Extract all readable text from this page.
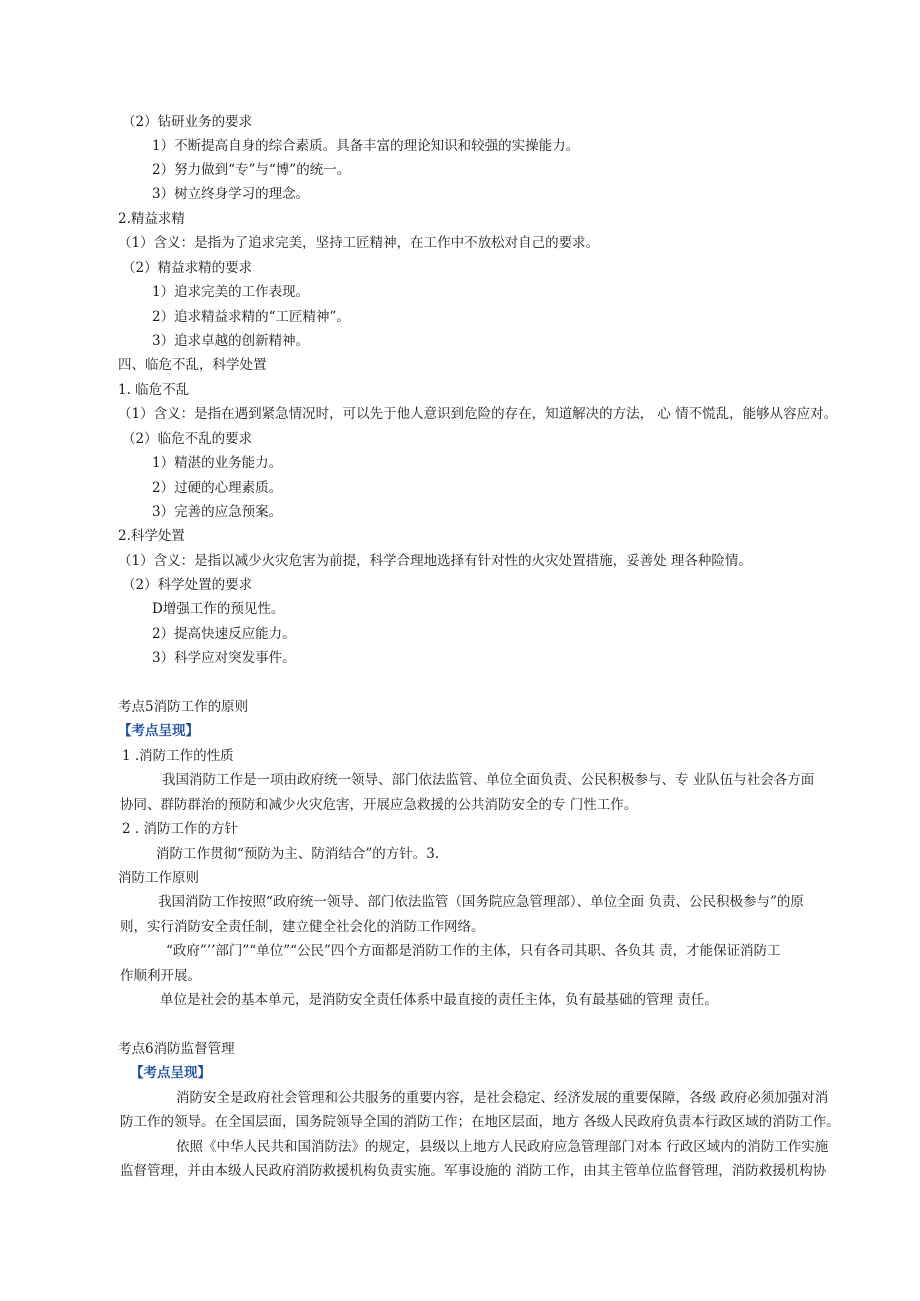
（2）钻研业务的要求
1）不断提高自身的综合素质。具备丰富的理论知识和较强的实操能力。
2）努力做到“专”与“博”的统一。
3）树立终身学习的理念。
2.精益求精
（1）含义：是指为了追求完美，坚持工匠精神，在工作中不放松对自己的要求。
（2）精益求精的要求
1）追求完美的工作表现。
2）追求精益求精的“工匠精神”。
3）追求卓越的创新精神。
四、临危不乱，科学处置
1. 临危不乱
（1）含义：是指在遇到紧急情况时，可以先于他人意识到危险的存在，知道解决的方法， 心 情不慌乱，能够从容应对。
（2）临危不乱的要求
1）精湛的业务能力。
2）过硬的心理素质。
3）完善的应急预案。
2.科学处置
（1）含义：是指以减少火灾危害为前提，科学合理地选择有针对性的火灾处置措施，妥善处 理各种险情。
（2）科学处置的要求
D增强工作的预见性。
2）提高快速反应能力。
3）科学应对突发事件。
考点5消防工作的原则
【考点呈现】
1 .消防工作的性质
我国消防工作是一项由政府统一领导、部门依法监管、单位全面负责、公民积极参与、专 业队伍与社会各方面
协同、群防群治的预防和减少火灾危害，开展应急救援的公共消防安全的专 门性工作。
2 . 消防工作的方针
消防工作贯彻“预防为主、防消结合”的方针。3.
消防工作原则
我国消防工作按照“政府统一领导、部门依法监管（国务院应急管理部）、单位全面 负责、公民积极参与”的原
则，实行消防安全责任制，建立健全社会化的消防工作网络。
“政府”’’部门”“单位”“公民”四个方面都是消防工作的主体，只有各司其职、各负其 责，才能保证消防工
作顺利开展。
单位是社会的基本单元，是消防安全责任体系中最直接的责任主体，负有最基础的管理 责任。
考点6消防监督管理
【考点呈现】
消防安全是政府社会管理和公共服务的重要内容，是社会稳定、经济发展的重要保障，各级 政府必须加强对消
防工作的领导。在全国层面，国务院领导全国的消防工作；在地区层面，地方 各级人民政府负责本行政区域的消防工作。
依照《中华人民共和国消防法》的规定，县级以上地方人民政府应急管理部门对本 行政区域内的消防工作实施
监督管理，并由本级人民政府消防救援机构负责实施。军事设施的 消防工作，由其主管单位监督管理，消防救援机构协
